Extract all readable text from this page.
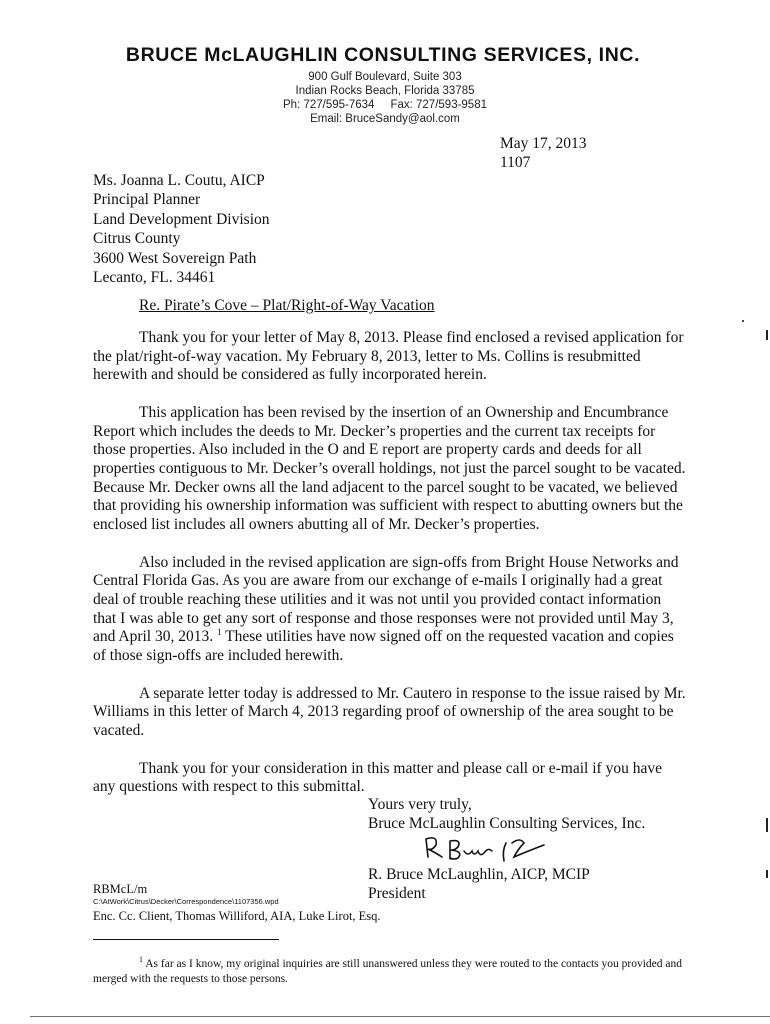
BRUCE McLAUGHLIN CONSULTING SERVICES, INC.
900 Gulf Boulevard, Suite 303
Indian Rocks Beach, Florida 33785
Ph: 727/595-7634 Fax: 727/593-9581
Email: BruceSandy@aol.com
May 17, 2013
1107
Ms. Joanna L. Coutu, AICP
Principal Planner
Land Development Division
Citrus County
3600 West Sovereign Path
Lecanto, FL. 34461
Re. Pirate’s Cove – Plat/Right-of-Way Vacation

Thank you for your letter of May 8, 2013. Please find enclosed a revised application for the plat/right-of-way vacation. My February 8, 2013, letter to Ms. Collins is resubmitted herewith and should be considered as fully incorporated herein.

This application has been revised by the insertion of an Ownership and Encumbrance Report which includes the deeds to Mr. Decker’s properties and the current tax receipts for those properties. Also included in the O and E report are property cards and deeds for all properties contiguous to Mr. Decker’s overall holdings, not just the parcel sought to be vacated. Because Mr. Decker owns all the land adjacent to the parcel sought to be vacated, we believed that providing his ownership information was sufficient with respect to abutting owners but the enclosed list includes all owners abutting all of Mr. Decker’s properties.

Also included in the revised application are sign-offs from Bright House Networks and Central Florida Gas. As you are aware from our exchange of e-mails I originally had a great deal of trouble reaching these utilities and it was not until you provided contact information that I was able to get any sort of response and those responses were not provided until May 3, and April 30, 2013. $^1$ These utilities have now signed off on the requested vacation and copies of those sign-offs are included herewith.

A separate letter today is addressed to Mr. Cautero in response to the issue raised by Mr. Williams in this letter of March 4, 2013 regarding proof of ownership of the area sought to be vacated.

Thank you for your consideration in this matter and please call or e-mail if you have any questions with respect to this submittal.

Yours very truly,
Bruce McLaughlin Consulting Services, Inc.
R. Bruce McLaughlin, AICP, MCIP
President
RBMcL/m
C:\AtWork\Citrus\Decker\Correspondence\1107356.wpd
Enc. Cc. Client, Thomas Williford, AIA, Luke Lirot, Esq.
$^1$ As far as I know, my original inquiries are still unanswered unless they were routed to the contacts you provided and merged with the requests to those persons.
